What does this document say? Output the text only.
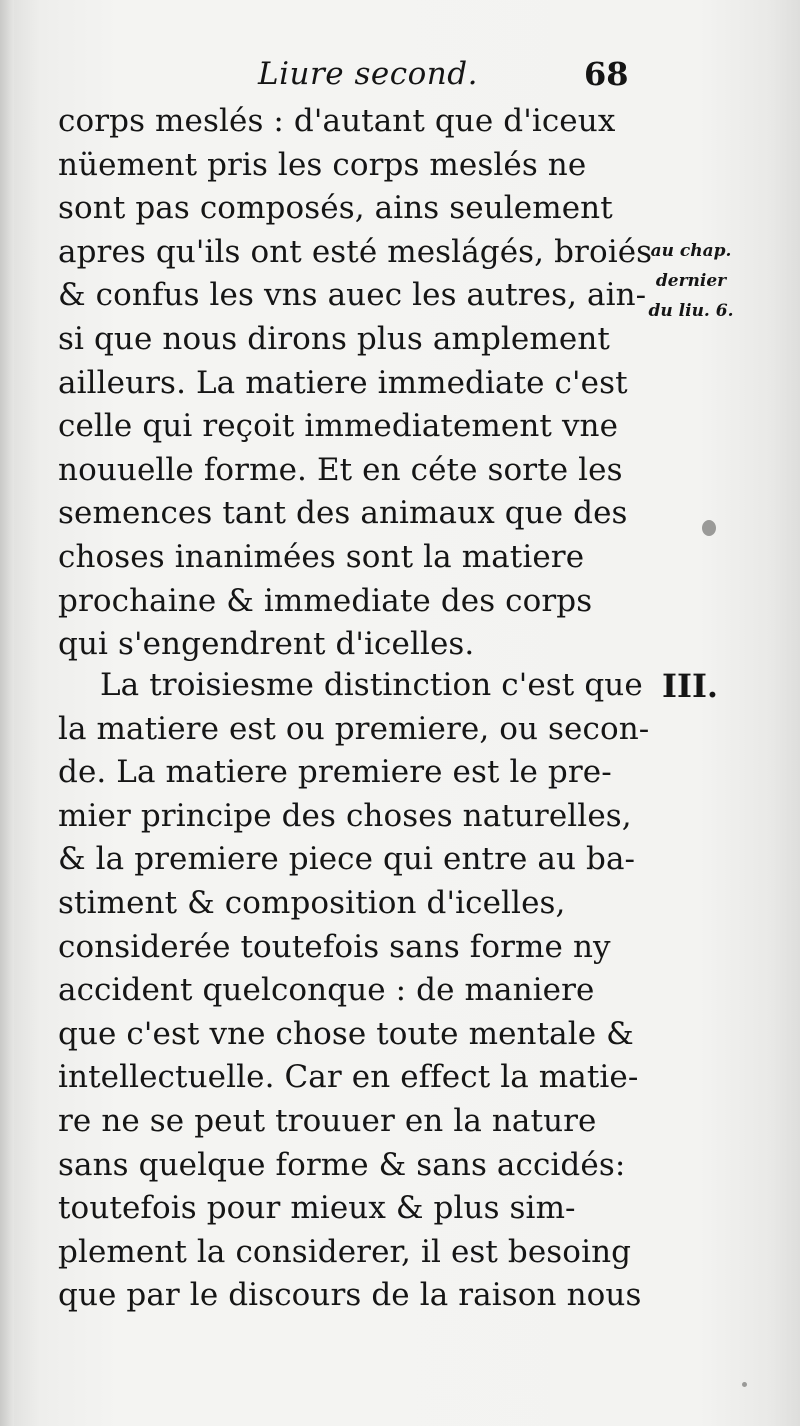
Liure second.	68
corps meslés : d'autant que d'iceux
nüement pris les corps meslés ne
sont pas composés, ains seulement
apres qu'ils ont esté meslágés, broiés
& confus les vns auec les autres, ain-
si que nous dirons plus amplement
ailleurs. La matiere immediate c'est
celle qui reçoit immediatement vne
nouuelle forme. Et en céte sorte les
semences tant des animaux que des
choses inanimées sont la matiere
prochaine & immediate des corps
qui s'engendrent d'icelles.
au chap.
dernier
du liu. 6.
La troisiesme distinction c'est que
la matiere est ou premiere, ou secon-
de. La matiere premiere est le pre-
mier principe des choses naturelles,
& la premiere piece qui entre au ba-
stiment & composition d'icelles,
considerée toutefois sans forme ny
accident quelconque : de maniere
que c'est vne chose toute mentale &
intellectuelle. Car en effect la matie-
re ne se peut trouuer en la nature
sans quelque forme & sans accidés:
toutefois pour mieux & plus sim-
plement la considerer, il est besoing
que par le discours de la raison nous
III.
